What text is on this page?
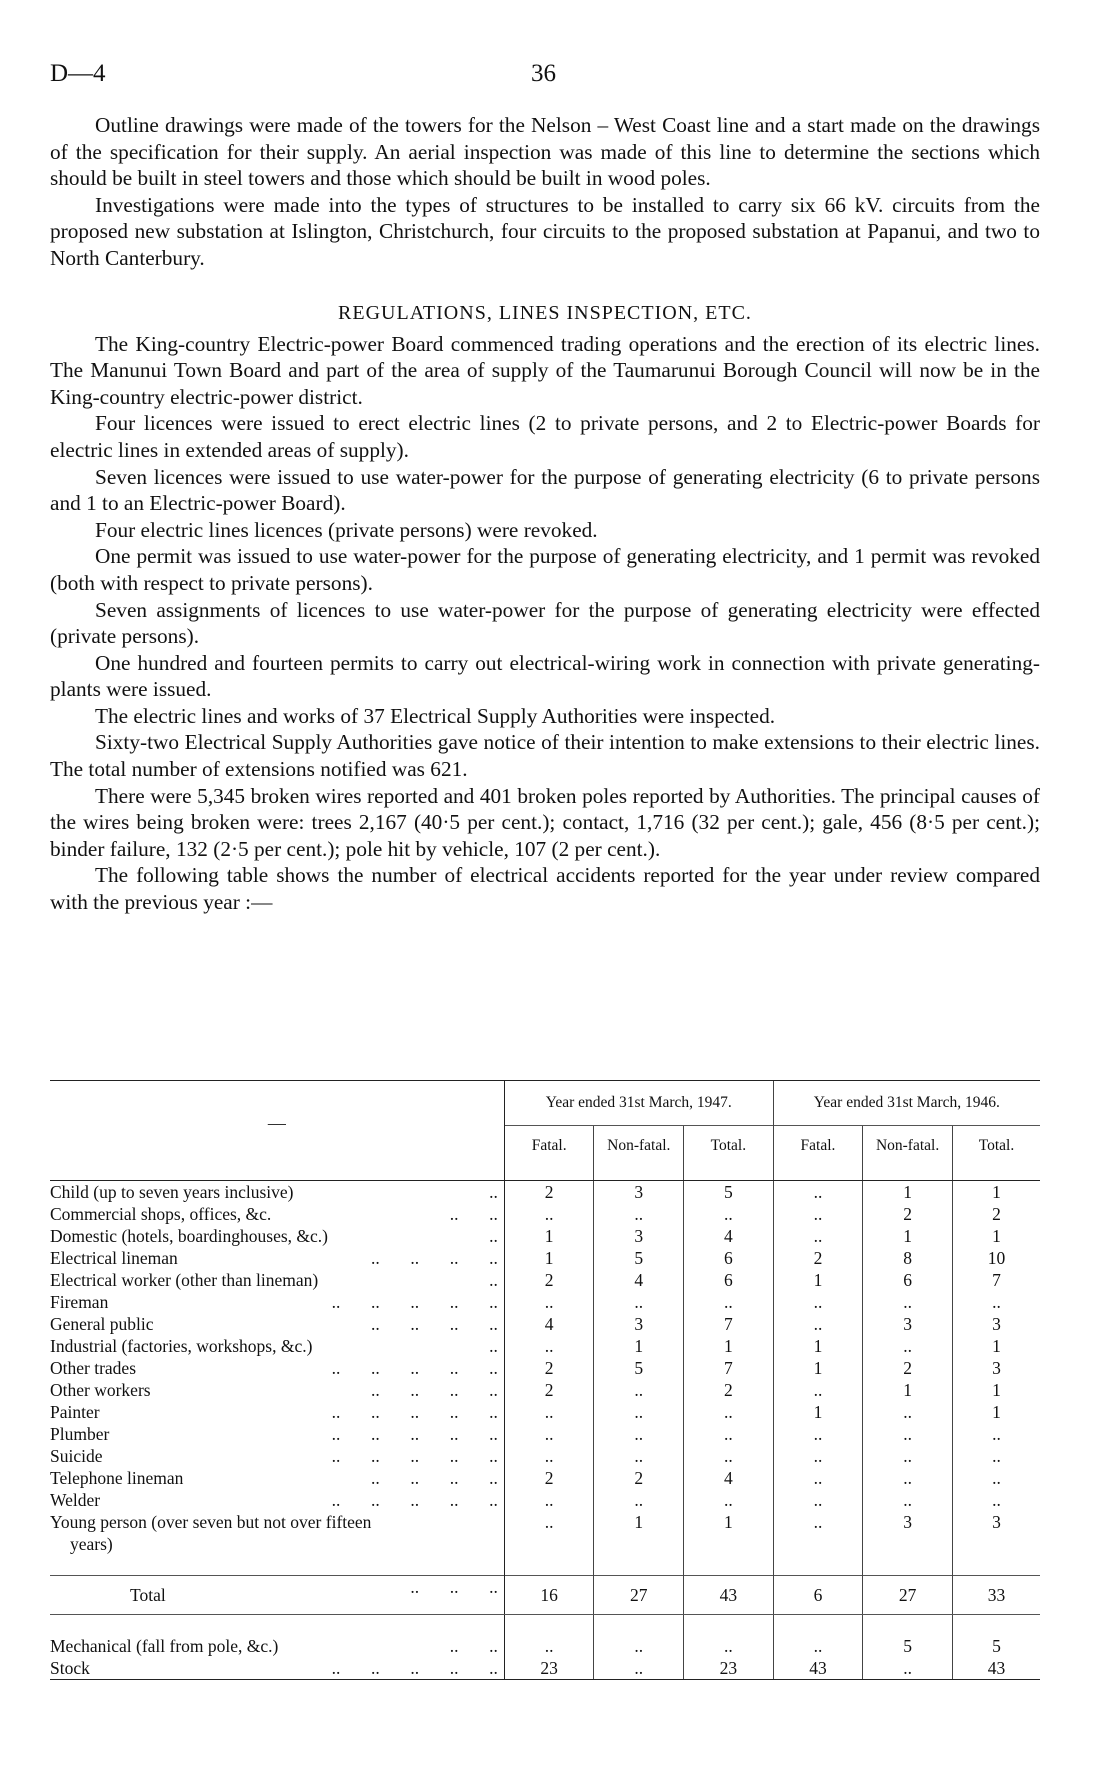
D—4	36

Outline drawings were made of the towers for the Nelson – West Coast line and a start made on the drawings of the specification for their supply. An aerial inspection was made of this line to determine the sections which should be built in steel towers and those which should be built in wood poles.

Investigations were made into the types of structures to be installed to carry six 66 kV. circuits from the proposed new substation at Islington, Christchurch, four circuits to the proposed substation at Papanui, and two to North Canterbury.

REGULATIONS, LINES INSPECTION, ETC.

The King-country Electric-power Board commenced trading operations and the erection of its electric lines. The Manunui Town Board and part of the area of supply of the Taumarunui Borough Council will now be in the King-country electric-power district.

Four licences were issued to erect electric lines (2 to private persons, and 2 to Electric-power Boards for electric lines in extended areas of supply).

Seven licences were issued to use water-power for the purpose of generating electricity (6 to private persons and 1 to an Electric-power Board).

Four electric lines licences (private persons) were revoked.

One permit was issued to use water-power for the purpose of generating electricity, and 1 permit was revoked (both with respect to private persons).

Seven assignments of licences to use water-power for the purpose of generating electricity were effected (private persons).

One hundred and fourteen permits to carry out electrical-wiring work in connection with private generating-plants were issued.

The electric lines and works of 37 Electrical Supply Authorities were inspected.

Sixty-two Electrical Supply Authorities gave notice of their intention to make extensions to their electric lines. The total number of extensions notified was 621.

There were 5,345 broken wires reported and 401 broken poles reported by Authorities. The principal causes of the wires being broken were: trees 2,167 (40·5 per cent.); contact, 1,716 (32 per cent.); gale, 456 (8·5 per cent.); binder failure, 132 (2·5 per cent.); pole hit by vehicle, 107 (2 per cent.).

The following table shows the number of electrical accidents reported for the year under review compared with the previous year :—

—	Year ended 31st March, 1947.			Year ended 31st March, 1946.		
	Fatal.	Non-fatal.	Total.	Fatal.	Non-fatal.	Total.

Child (up to seven years inclusive) ..	2	3	5	..	1	1
Commercial shops, offices, &c. ..       ..	..	..	..	..	2	2
Domestic (hotels, boardinghouses, &c.) ..	1	3	4	..	1	1
Electrical lineman ..       ..       ..       ..	1	5	6	2	8	10
Electrical worker (other than lineman) ..	2	4	6	1	6	7
Fireman ..       ..       ..       ..       ..	..	..	..	..	..	..
General public ..       ..       ..       ..	4	3	7	..	3	3
Industrial (factories, workshops, &c.) ..	..	1	1	1	..	1
Other trades ..       ..       ..       ..       ..	2	5	7	1	2	3
Other workers ..       ..       ..       ..	2	..	2	..	1	1
Painter ..       ..       ..       ..       ..	..	..	..	1	..	1
Plumber ..       ..       ..       ..       ..	..	..	..	..	..	..
Suicide ..       ..       ..       ..       ..	..	..	..	..	..	..
Telephone lineman ..       ..       ..       ..	2	2	4	..	..	..
Welder ..       ..       ..       ..       ..	..	..	..	..	..	..
Young person (over seven but not over fifteen
years)	..	1	1	..	3	3

Total ..       ..       ..	16	27	43	6	27	33

Mechanical (fall from pole, &c.) ..       ..	..	..	..	..	5	5
Stock ..       ..       ..       ..       ..	23	..	23	43	..	43
